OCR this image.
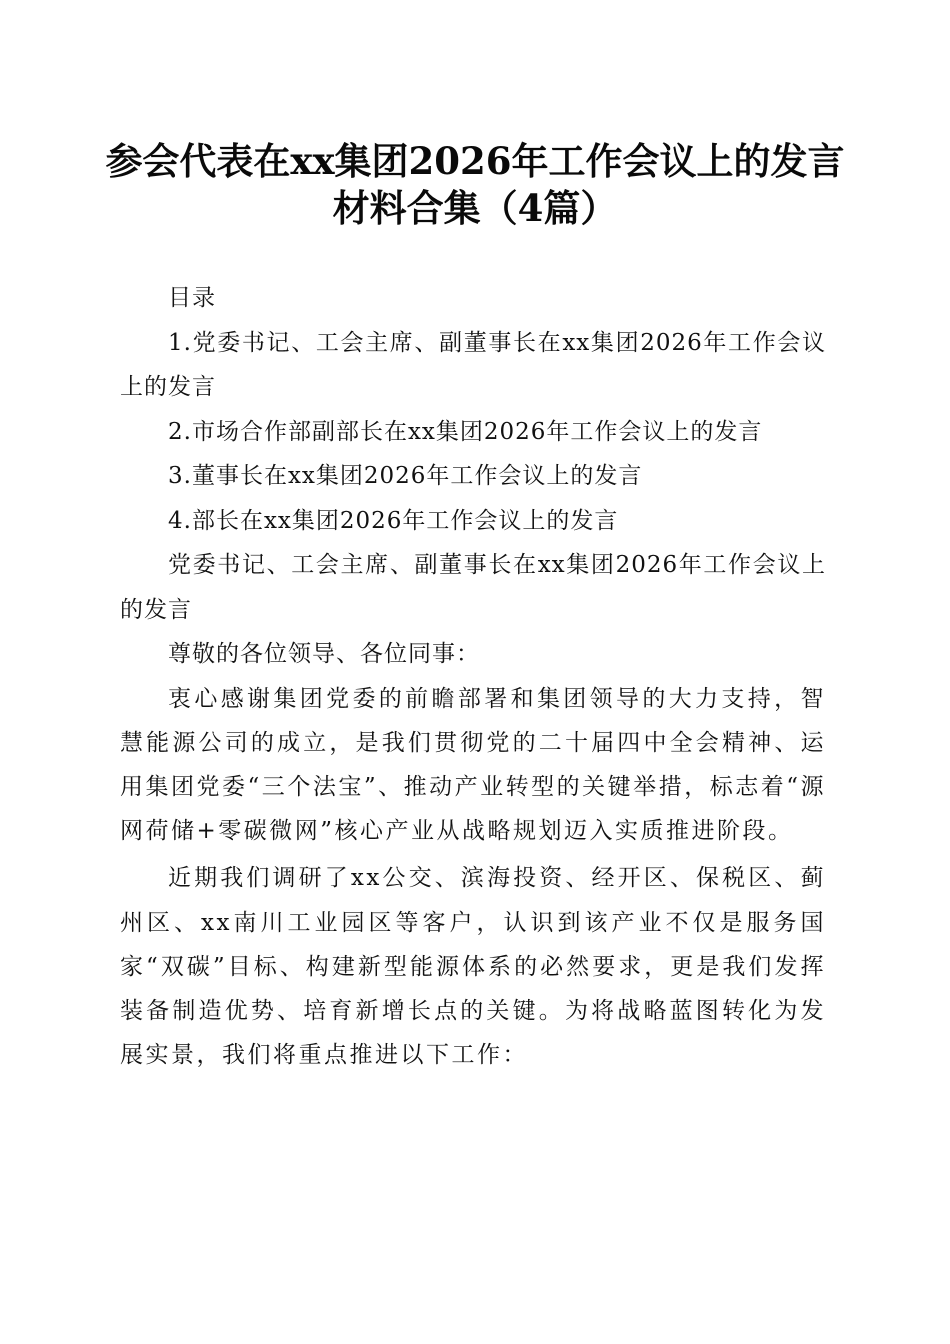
参会代表在xx集团2026年工作会议上的发言
材料合集（4篇）

目录

1.党委书记、工会主席、副董事长在xx集团2026年工作会议上的发言

2.市场合作部副部长在xx集团2026年工作会议上的发言

3.董事长在xx集团2026年工作会议上的发言

4.部长在xx集团2026年工作会议上的发言

党委书记、工会主席、副董事长在xx集团2026年工作会议上的发言

尊敬的各位领导、各位同事：

衷心感谢集团党委的前瞻部署和集团领导的大力支持，智慧能源公司的成立，是我们贯彻党的二十届四中全会精神、运用集团党委“三个法宝”、推动产业转型的关键举措，标志着“源网荷储+零碳微网”核心产业从战略规划迈入实质推进阶段。

近期我们调研了xx公交、滨海投资、经开区、保税区、蓟州区、xx南川工业园区等客户，认识到该产业不仅是服务国家“双碳”目标、构建新型能源体系的必然要求，更是我们发挥装备制造优势、培育新增长点的关键。为将战略蓝图转化为发展实景，我们将重点推进以下工作：
